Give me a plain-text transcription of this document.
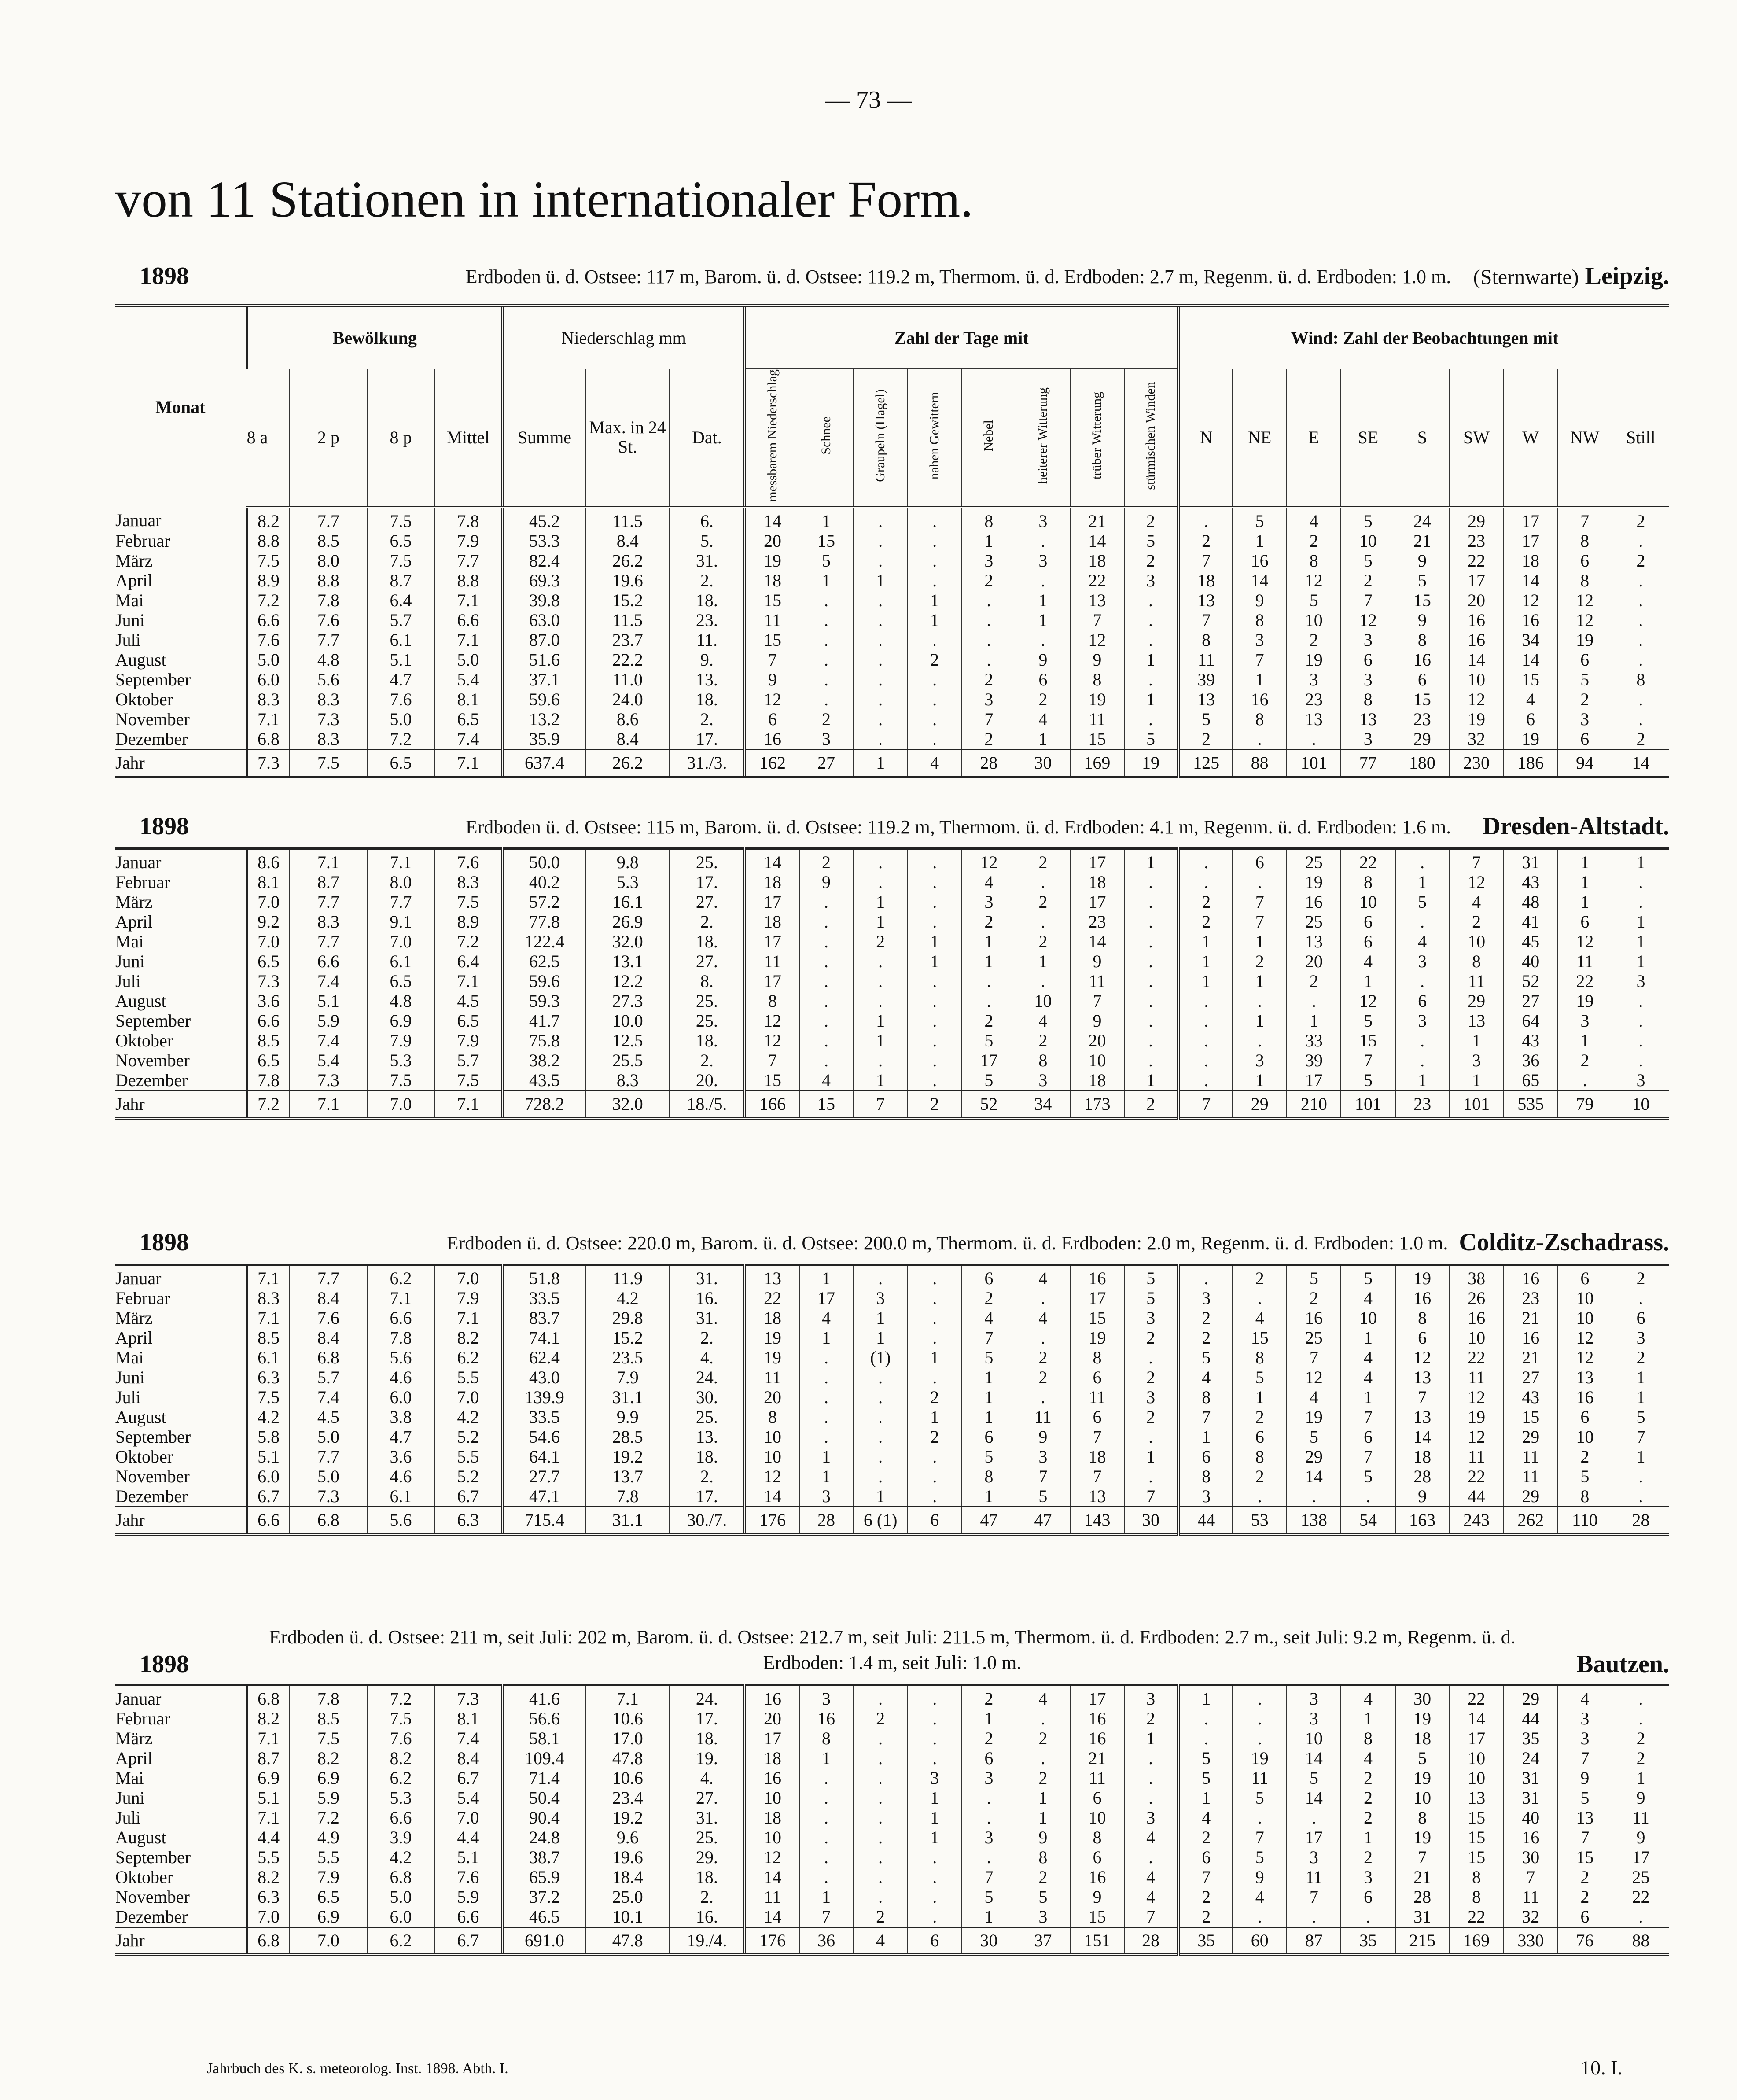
— 73 —
von 11 Stationen in internationaler Form.
1898	Erdboden ü. d. Ostsee: 117 m, Barom. ü. d. Ostsee: 119.2 m, Thermom. ü. d. Erdboden: 2.7 m, Regenm. ü. d. Erdboden: 1.0 m.	(Sternwarte) Leipzig.
Monat	Bewölkung				Niederschlag mm			Zahl der Tage mit								Wind: Zahl der Beobachtungen mit								
	8 a	2 p	8 p	Mittel	Summe	Max. in 24 St.	Dat.	messbarem Niederschlag	Schnee	Graupeln (Hagel)	nahen Gewittern	Nebel	heiterer Witterung	trüber Witterung	stürmischen Winden	N	NE	E	SE	S	SW	W	NW	Still
Januar	8.2	7.7	7.5	7.8	45.2	11.5	6.	14	1	.	.	8	3	21	2	.	5	4	5	24	29	17	7	2
Februar	8.8	8.5	6.5	7.9	53.3	8.4	5.	20	15	.	.	1	.	14	5	2	1	2	10	21	23	17	8	.
März	7.5	8.0	7.5	7.7	82.4	26.2	31.	19	5	.	.	3	3	18	2	7	16	8	5	9	22	18	6	2
April	8.9	8.8	8.7	8.8	69.3	19.6	2.	18	1	1	.	2	.	22	3	18	14	12	2	5	17	14	8	.
Mai	7.2	7.8	6.4	7.1	39.8	15.2	18.	15	.	.	1	.	1	13	.	13	9	5	7	15	20	12	12	.
Juni	6.6	7.6	5.7	6.6	63.0	11.5	23.	11	.	.	1	.	1	7	.	7	8	10	12	9	16	16	12	.
Juli	7.6	7.7	6.1	7.1	87.0	23.7	11.	15	.	.	.	.	.	12	.	8	3	2	3	8	16	34	19	.
August	5.0	4.8	5.1	5.0	51.6	22.2	9.	7	.	.	2	.	9	9	1	11	7	19	6	16	14	14	6	.
September	6.0	5.6	4.7	5.4	37.1	11.0	13.	9	.	.	.	2	6	8	.	39	1	3	3	6	10	15	5	8
Oktober	8.3	8.3	7.6	8.1	59.6	24.0	18.	12	.	.	.	3	2	19	1	13	16	23	8	15	12	4	2	.
November	7.1	7.3	5.0	6.5	13.2	8.6	2.	6	2	.	.	7	4	11	.	5	8	13	13	23	19	6	3	.
Dezember	6.8	8.3	7.2	7.4	35.9	8.4	17.	16	3	.	.	2	1	15	5	2	.	.	3	29	32	19	6	2
Jahr	7.3	7.5	6.5	7.1	637.4	26.2	31./3.	162	27	1	4	28	30	169	19	125	88	101	77	180	230	186	94	14
1898	Erdboden ü. d. Ostsee: 115 m, Barom. ü. d. Ostsee: 119.2 m, Thermom. ü. d. Erdboden: 4.1 m, Regenm. ü. d. Erdboden: 1.6 m.	Dresden-Altstadt.
Januar	8.6	7.1	7.1	7.6	50.0	9.8	25.	14	2	.	.	12	2	17	1	.	6	25	22	.	7	31	1	1
Februar	8.1	8.7	8.0	8.3	40.2	5.3	17.	18	9	.	.	4	.	18	.	.	.	19	8	1	12	43	1	.
März	7.0	7.7	7.7	7.5	57.2	16.1	27.	17	.	1	.	3	2	17	.	2	7	16	10	5	4	48	1	.
April	9.2	8.3	9.1	8.9	77.8	26.9	2.	18	.	1	.	2	.	23	.	2	7	25	6	.	2	41	6	1
Mai	7.0	7.7	7.0	7.2	122.4	32.0	18.	17	.	2	1	1	2	14	.	1	1	13	6	4	10	45	12	1
Juni	6.5	6.6	6.1	6.4	62.5	13.1	27.	11	.	.	1	1	1	9	.	1	2	20	4	3	8	40	11	1
Juli	7.3	7.4	6.5	7.1	59.6	12.2	8.	17	.	.	.	.	.	11	.	1	1	2	1	.	11	52	22	3
August	3.6	5.1	4.8	4.5	59.3	27.3	25.	8	.	.	.	.	10	7	.	.	.	.	12	6	29	27	19	.
September	6.6	5.9	6.9	6.5	41.7	10.0	25.	12	.	1	.	2	4	9	.	.	1	1	5	3	13	64	3	.
Oktober	8.5	7.4	7.9	7.9	75.8	12.5	18.	12	.	1	.	5	2	20	.	.	.	33	15	.	1	43	1	.
November	6.5	5.4	5.3	5.7	38.2	25.5	2.	7	.	.	.	17	8	10	.	.	3	39	7	.	3	36	2	.
Dezember	7.8	7.3	7.5	7.5	43.5	8.3	20.	15	4	1	.	5	3	18	1	.	1	17	5	1	1	65	.	3
Jahr	7.2	7.1	7.0	7.1	728.2	32.0	18./5.	166	15	7	2	52	34	173	2	7	29	210	101	23	101	535	79	10
1898	Erdboden ü. d. Ostsee: 220.0 m, Barom. ü. d. Ostsee: 200.0 m, Thermom. ü. d. Erdboden: 2.0 m, Regenm. ü. d. Erdboden: 1.0 m. Colditz-Zschadrass.
Januar	7.1	7.7	6.2	7.0	51.8	11.9	31.	13	1	.	.	6	4	16	5	.	2	5	5	19	38	16	6	2
Februar	8.3	8.4	7.1	7.9	33.5	4.2	16.	22	17	3	.	2	.	17	5	3	.	2	4	16	26	23	10	.
März	7.1	7.6	6.6	7.1	83.7	29.8	31.	18	4	1	.	4	4	15	3	2	4	16	10	8	16	21	10	6
April	8.5	8.4	7.8	8.2	74.1	15.2	2.	19	1	1	.	7	.	19	2	2	15	25	1	6	10	16	12	3
Mai	6.1	6.8	5.6	6.2	62.4	23.5	4.	19	.	(1)	1	5	2	8	.	5	8	7	4	12	22	21	12	2
Juni	6.3	5.7	4.6	5.5	43.0	7.9	24.	11	.	.	.	1	2	6	2	4	5	12	4	13	11	27	13	1
Juli	7.5	7.4	6.0	7.0	139.9	31.1	30.	20	.	.	2	1	.	11	3	8	1	4	1	7	12	43	16	1
August	4.2	4.5	3.8	4.2	33.5	9.9	25.	8	.	.	1	1	11	6	2	7	2	19	7	13	19	15	6	5
September	5.8	5.0	4.7	5.2	54.6	28.5	13.	10	.	.	2	6	9	7	.	1	6	5	6	14	12	29	10	7
Oktober	5.1	7.7	3.6	5.5	64.1	19.2	18.	10	1	.	.	5	3	18	1	6	8	29	7	18	11	11	2	1
November	6.0	5.0	4.6	5.2	27.7	13.7	2.	12	1	.	.	8	7	7	.	8	2	14	5	28	22	11	5	.
Dezember	6.7	7.3	6.1	6.7	47.1	7.8	17.	14	3	1	.	1	5	13	7	3	.	.	.	9	44	29	8	.
Jahr	6.6	6.8	5.6	6.3	715.4	31.1	30./7.	176	28	6 (1)	6	47	47	143	30	44	53	138	54	163	243	262	110	28
1898
Erdboden ü. d. Ostsee: 211 m, seit Juli: 202 m, Barom. ü. d. Ostsee: 212.7 m, seit Juli: 211.5 m, Thermom. ü. d. Erdboden: 2.7 m., seit Juli: 9.2 m, Regenm. ü. d. Erdboden: 1.4 m, seit Juli: 1.0 m.	Bautzen.
Januar	6.8	7.8	7.2	7.3	41.6	7.1	24.	16	3	.	.	2	4	17	3	1	.	3	4	30	22	29	4	.
Februar	8.2	8.5	7.5	8.1	56.6	10.6	17.	20	16	2	.	1	.	16	2	.	.	3	1	19	14	44	3	.
März	7.1	7.5	7.6	7.4	58.1	17.0	18.	17	8	.	.	2	2	16	1	.	.	10	8	18	17	35	3	2
April	8.7	8.2	8.2	8.4	109.4	47.8	19.	18	1	.	.	6	.	21	.	5	19	14	4	5	10	24	7	2
Mai	6.9	6.9	6.2	6.7	71.4	10.6	4.	16	.	.	3	3	2	11	.	5	11	5	2	19	10	31	9	1
Juni	5.1	5.9	5.3	5.4	50.4	23.4	27.	10	.	.	1	.	1	6	.	1	5	14	2	10	13	31	5	9
Juli	7.1	7.2	6.6	7.0	90.4	19.2	31.	18	.	.	1	.	1	10	3	4	.	.	2	8	15	40	13	11
August	4.4	4.9	3.9	4.4	24.8	9.6	25.	10	.	.	1	3	9	8	4	2	7	17	1	19	15	16	7	9
September	5.5	5.5	4.2	5.1	38.7	19.6	29.	12	.	.	.	.	8	6	.	6	5	3	2	7	15	30	15	17
Oktober	8.2	7.9	6.8	7.6	65.9	18.4	18.	14	.	.	.	7	2	16	4	7	9	11	3	21	8	7	2	25
November	6.3	6.5	5.0	5.9	37.2	25.0	2.	11	1	.	.	5	5	9	4	2	4	7	6	28	8	11	2	22
Dezember	7.0	6.9	6.0	6.6	46.5	10.1	16.	14	7	2	.	1	3	15	7	2	.	.	.	31	22	32	6	.
Jahr	6.8	7.0	6.2	6.7	691.0	47.8	19./4.	176	36	4	6	30	37	151	28	35	60	87	35	215	169	330	76	88
Jahrbuch des K. s. meteorolog. Inst. 1898. Abth. I.	10. I.
